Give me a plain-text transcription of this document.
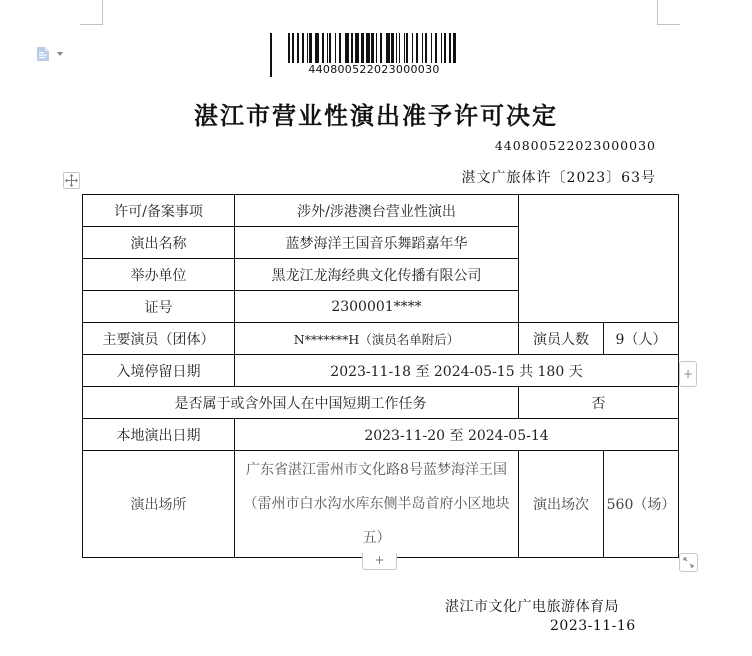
440800522023000030
湛江市营业性演出准予许可决定
440800522023000030
湛文广旅体许〔2023〕63号
许可/备案事项	涉外/涉港澳台营业性演出		
演出名称	蓝梦海洋王国音乐舞蹈嘉年华		
举办单位	黑龙江龙海经典文化传播有限公司		
证号	2300001****		
主要演员（团体）	N*******H（演员名单附后）	演员人数	9（人）
入境停留日期	2023-11-18 至 2024-05-15 共 180 天		
是否属于或含外国人在中国短期工作任务		否	
本地演出日期	2023-11-20 至 2024-05-14		
演出场所	广东省湛江雷州市文化路8号蓝梦海洋王国（雷州市白水沟水库东侧半岛首府小区地块五）	演出场次	560（场）
+
+
湛江市文化广电旅游体育局
2023-11-16
